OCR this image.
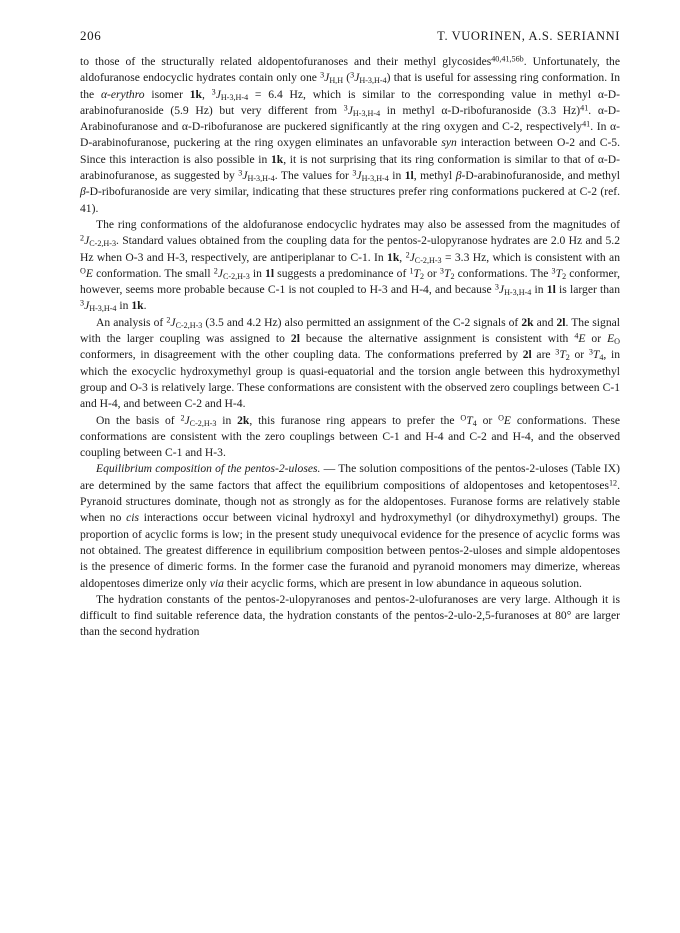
206	T. VUORINEN, A.S. SERIANNI

to those of the structurally related aldopentofuranoses and their methyl glycosides$^{40,41,56b}$. Unfortunately, the aldofuranose endocyclic hydrates contain only one $^3J_{H,H}$ $(^3J_{H-3,H-4})$ that is useful for assessing ring conformation. In the α-erythro isomer 1k, $^3J_{H-3,H-4} = 6.4$ Hz, which is similar to the corresponding value in methyl α-D-arabinofuranoside (5.9 Hz) but very different from $^3J_{H-3,H-4}$ in methyl α-D-ribofuranoside (3.3 Hz)$^{41}$. α-D-Arabinofuranose and α-D-ribofuranose are puckered significantly at the ring oxygen and C-2, respectively$^{41}$. In α-D-arabinofuranose, puckering at the ring oxygen eliminates an unfavorable syn interaction between O-2 and C-5. Since this interaction is also possible in 1k, it is not surprising that its ring conformation is similar to that of α-D-arabinofuranose, as suggested by $^3J_{H-3,H-4}$. The values for $^3J_{H-3,H-4}$ in 1l, methyl β-D-arabinofuranoside, and methyl β-D-ribofuranoside are very similar, indicating that these structures prefer ring conformations puckered at C-2 (ref. 41).

The ring conformations of the aldofuranose endocyclic hydrates may also be assessed from the magnitudes of $^2J_{C-2,H-3}$. Standard values obtained from the coupling data for the pentos-2-ulopyranose hydrates are 2.0 Hz and 5.2 Hz when O-3 and H-3, respectively, are antiperiplanar to C-1. In 1k, $^2J_{C-2,H-3} = 3.3$ Hz, which is consistent with an $^O$E conformation. The small $^2J_{C-2,H-3}$ in 1l suggests a predominance of $^1T_2$ or $^3T_2$ conformations. The $^3T_2$ conformer, however, seems more probable because C-1 is not coupled to H-3 and H-4, and because $^3J_{H-3,H-4}$ in 1l is larger than $^3J_{H-3,H-4}$ in 1k.

An analysis of $^2J_{C-2,H-3}$ (3.5 and 4.2 Hz) also permitted an assignment of the C-2 signals of 2k and 2l. The signal with the larger coupling was assigned to 2l because the alternative assignment is consistent with $^4$E or $E_O$ conformers, in disagreement with the other coupling data. The conformations preferred by 2l are $^3T_2$ or $^3T_4$, in which the exocyclic hydroxymethyl group is quasi-equatorial and the torsion angle between this hydroxymethyl group and O-3 is relatively large. These conformations are consistent with the observed zero couplings between C-1 and H-4, and between C-2 and H-4.

On the basis of $^2J_{C-2,H-3}$ in 2k, this furanose ring appears to prefer the $^OT_4$ or $^O$E conformations. These conformations are consistent with the zero couplings between C-1 and H-4 and C-2 and H-4, and the observed coupling between C-1 and H-3.

Equilibrium composition of the pentos-2-uloses. — The solution compositions of the pentos-2-uloses (Table IX) are determined by the same factors that affect the equilibrium compositions of aldopentoses and ketopentoses$^{12}$. Pyranoid structures dominate, though not as strongly as for the aldopentoses. Furanose forms are relatively stable when no cis interactions occur between vicinal hydroxyl and hydroxymethyl (or dihydroxymethyl) groups. The proportion of acyclic forms is low; in the present study unequivocal evidence for the presence of acyclic forms was not obtained. The greatest difference in equilibrium composition between pentos-2-uloses and simple aldopentoses is the presence of dimeric forms. In the former case the furanoid and pyranoid monomers may dimerize, whereas aldopentoses dimerize only via their acyclic forms, which are present in low abundance in aqueous solution.

The hydration constants of the pentos-2-ulopyranoses and pentos-2-ulofuranoses are very large. Although it is difficult to find suitable reference data, the hydration constants of the pentos-2-ulo-2,5-furanoses at 80° are larger than the second hydration
